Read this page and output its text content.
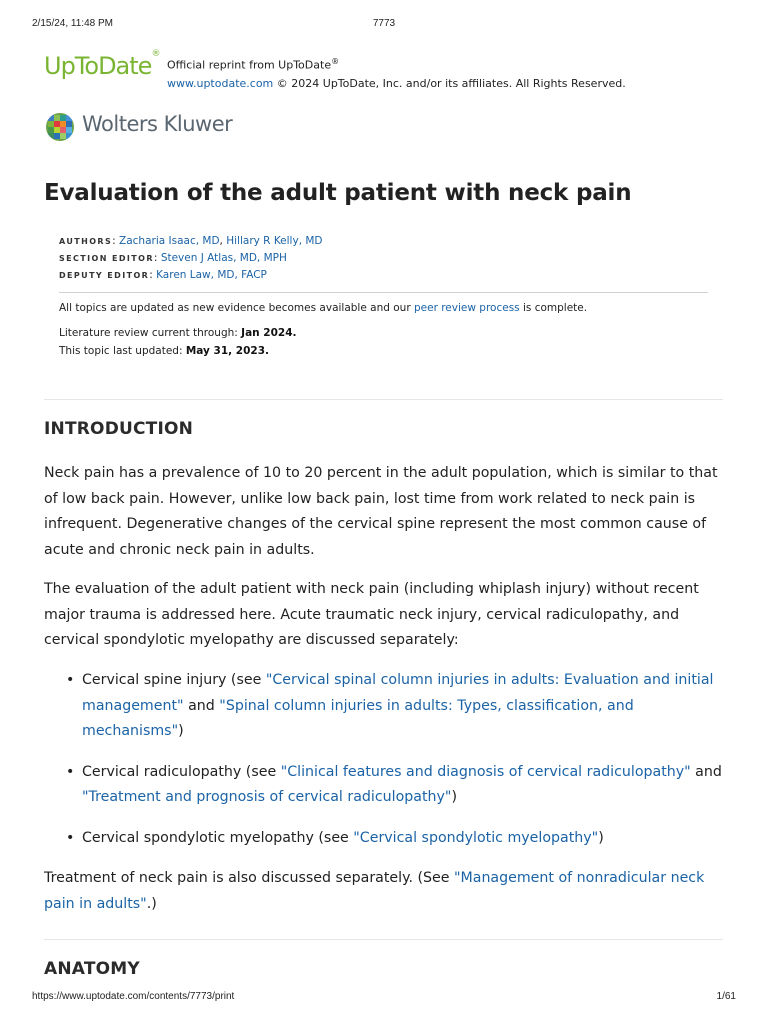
2/15/24, 11:48 PM	7773
UpToDate®
Official reprint from UpToDate®
www.uptodate.com © 2024 UpToDate, Inc. and/or its affiliates. All Rights Reserved.
Wolters Kluwer
Evaluation of the adult patient with neck pain
AUTHORS: Zacharia Isaac, MD, Hillary R Kelly, MD
SECTION EDITOR: Steven J Atlas, MD, MPH
DEPUTY EDITOR: Karen Law, MD, FACP
All topics are updated as new evidence becomes available and our peer review process is complete.
Literature review current through: Jan 2024.
This topic last updated: May 31, 2023.
INTRODUCTION

Neck pain has a prevalence of 10 to 20 percent in the adult population, which is similar to that of low back pain. However, unlike low back pain, lost time from work related to neck pain is infrequent. Degenerative changes of the cervical spine represent the most common cause of acute and chronic neck pain in adults.

The evaluation of the adult patient with neck pain (including whiplash injury) without recent major trauma is addressed here. Acute traumatic neck injury, cervical radiculopathy, and cervical spondylotic myelopathy are discussed separately:

• Cervical spine injury (see "Cervical spinal column injuries in adults: Evaluation and initial management" and "Spinal column injuries in adults: Types, classification, and mechanisms")
• Cervical radiculopathy (see "Clinical features and diagnosis of cervical radiculopathy" and "Treatment and prognosis of cervical radiculopathy")
• Cervical spondylotic myelopathy (see "Cervical spondylotic myelopathy")

Treatment of neck pain is also discussed separately. (See "Management of nonradicular neck pain in adults".)

ANATOMY
https://www.uptodate.com/contents/7773/print	1/61
